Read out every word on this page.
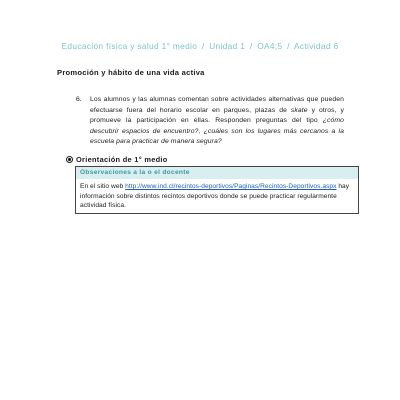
Educación física y salud 1° medio / Unidad 1 / OA4;5 / Actividad 6
Promoción y hábito de una vida activa
6. Los alumnos y las alumnas comentan sobre actividades alternativas que pueden efectuarse fuera del horario escolar en parques, plazas de skate y otros, y promueve la participación en ellas. Responden preguntas del tipo ¿cómo descubrir espacios de encuentro?, ¿cuáles son los lugares más cercanos a la escuela para practicar de manera segura?
Orientación de 1° medio
Observaciones a la o el docente
En el sitio web http://www.ind.cl/recintos-deportivos/Paginas/Recintos-Deportivos.aspx hay información sobre distintos recintos deportivos donde se puede practicar regularmente actividad física.
